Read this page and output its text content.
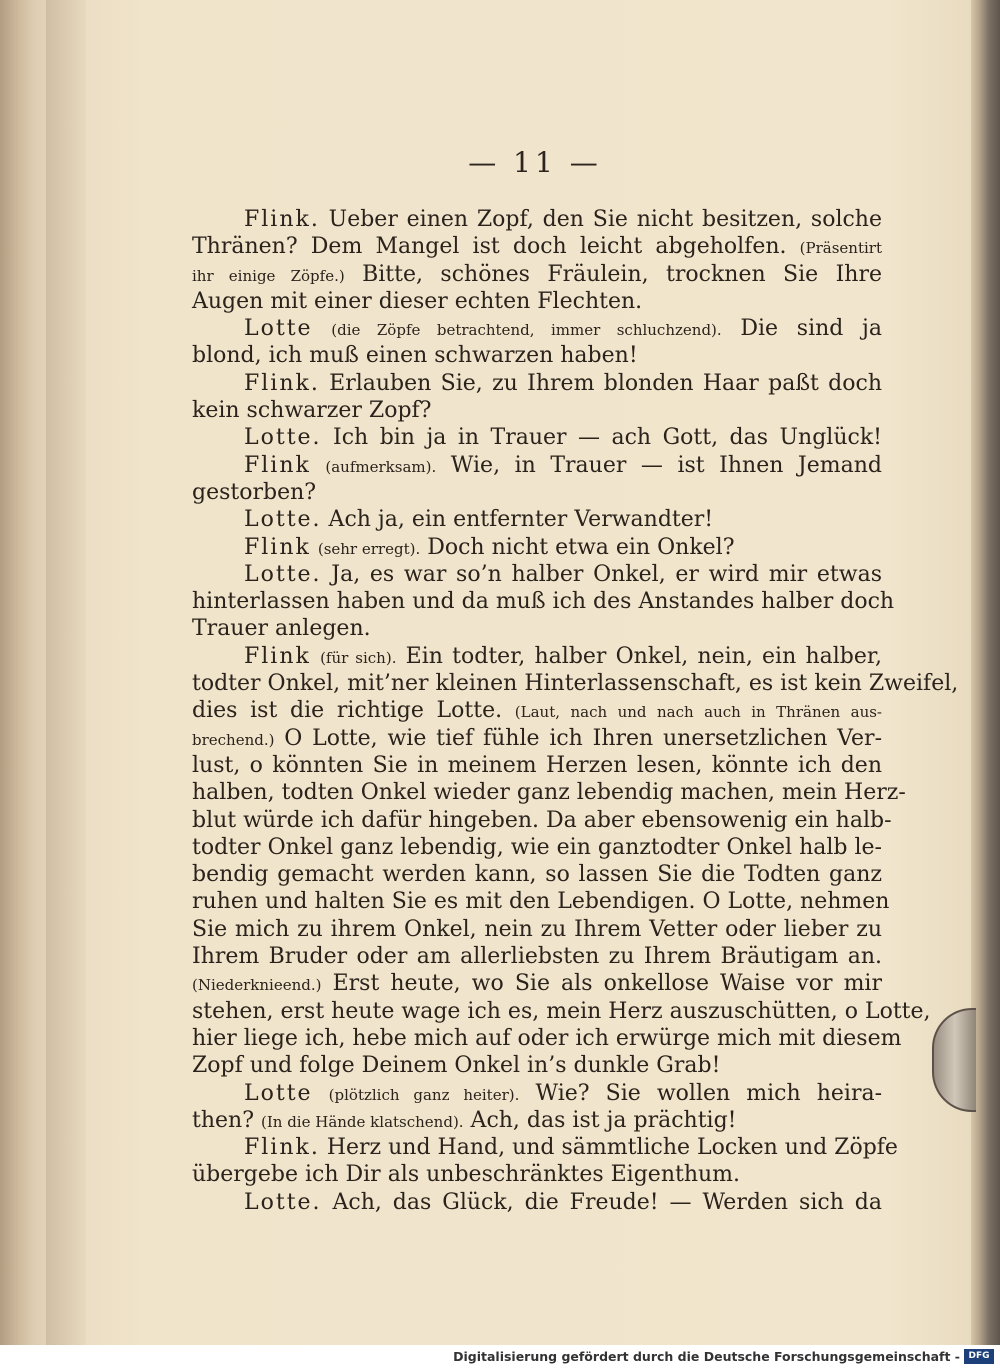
— 11 —
Flink. Ueber einen Zopf, den Sie nicht besitzen, solche
Thränen? Dem Mangel ist doch leicht abgeholfen. (Präsentirt
ihr einige Zöpfe.) Bitte, schönes Fräulein, trocknen Sie Ihre
Augen mit einer dieser echten Flechten.
Lotte (die Zöpfe betrachtend, immer schluchzend). Die sind ja
blond, ich muß einen schwarzen haben!
Flink. Erlauben Sie, zu Ihrem blonden Haar paßt doch
kein schwarzer Zopf?
Lotte. Ich bin ja in Trauer — ach Gott, das Unglück!
Flink (aufmerksam). Wie, in Trauer — ist Ihnen Jemand
gestorben?
Lotte. Ach ja, ein entfernter Verwandter!
Flink (sehr erregt). Doch nicht etwa ein Onkel?
Lotte. Ja, es war so’n halber Onkel, er wird mir etwas
hinterlassen haben und da muß ich des Anstandes halber doch
Trauer anlegen.
Flink (für sich). Ein todter, halber Onkel, nein, ein halber,
todter Onkel, mit’ner kleinen Hinterlassenschaft, es ist kein Zweifel,
dies ist die richtige Lotte. (Laut, nach und nach auch in Thränen aus-
brechend.) O Lotte, wie tief fühle ich Ihren unersetzlichen Ver-
lust, o könnten Sie in meinem Herzen lesen, könnte ich den
halben, todten Onkel wieder ganz lebendig machen, mein Herz-
blut würde ich dafür hingeben. Da aber ebensowenig ein halb-
todter Onkel ganz lebendig, wie ein ganztodter Onkel halb le-
bendig gemacht werden kann, so lassen Sie die Todten ganz
ruhen und halten Sie es mit den Lebendigen. O Lotte, nehmen
Sie mich zu ihrem Onkel, nein zu Ihrem Vetter oder lieber zu
Ihrem Bruder oder am allerliebsten zu Ihrem Bräutigam an.
(Niederknieend.) Erst heute, wo Sie als onkellose Waise vor mir
stehen, erst heute wage ich es, mein Herz auszuschütten, o Lotte,
hier liege ich, hebe mich auf oder ich erwürge mich mit diesem
Zopf und folge Deinem Onkel in’s dunkle Grab!
Lotte (plötzlich ganz heiter). Wie? Sie wollen mich heira-
then? (In die Hände klatschend). Ach, das ist ja prächtig!
Flink. Herz und Hand, und sämmtliche Locken und Zöpfe
übergebe ich Dir als unbeschränktes Eigenthum.
Lotte. Ach, das Glück, die Freude! — Werden sich da
Digitalisierung gefördert durch die Deutsche Forschungsgemeinschaft - DFG
